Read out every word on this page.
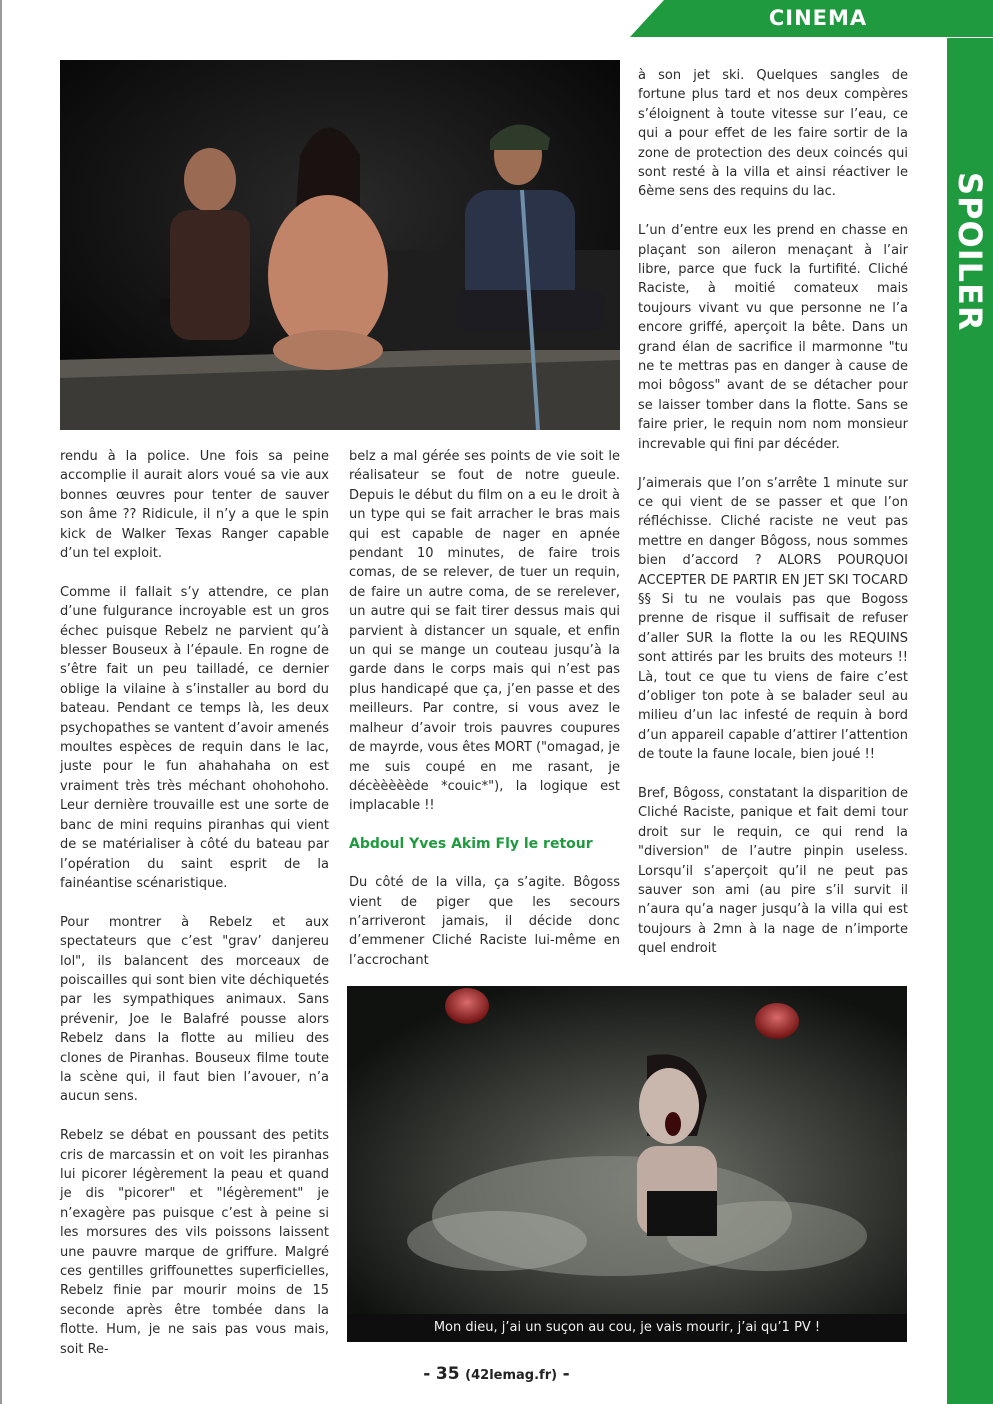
CINEMA
SPOILER

rendu à la police. Une fois sa peine accomplie il aurait alors voué sa vie aux bonnes œuvres pour tenter de sauver son âme ?? Ridicule, il n’y a que le spin kick de Walker Texas Ranger capable d’un tel exploit.

Comme il fallait s’y attendre, ce plan d’une fulgurance incroyable est un gros échec puisque Rebelz ne parvient qu’à blesser Bouseux à l’épaule. En rogne de s’être fait un peu tailladé, ce dernier oblige la vilaine à s’installer au bord du bateau. Pendant ce temps là, les deux psychopathes se vantent d’avoir amenés moultes espèces de requin dans le lac, juste pour le fun ahahahaha on est vraiment très très méchant ohohohoho. Leur dernière trouvaille est une sorte de banc de mini requins piranhas qui vient de se matérialiser à côté du bateau par l’opération du saint esprit de la fainéantise scénaristique.

Pour montrer à Rebelz et aux spectateurs que c’est "grav’ danjereu lol", ils balancent des morceaux de poiscailles qui sont bien vite déchiquetés par les sympathiques animaux. Sans prévenir, Joe le Balafré pousse alors Rebelz dans la flotte au milieu des clones de Piranhas. Bouseux filme toute la scène qui, il faut bien l’avouer, n’a aucun sens.

Rebelz se débat en poussant des petits cris de marcassin et on voit les piranhas lui picorer légèrement la peau et quand je dis "picorer" et "légèrement" je n’exagère pas puisque c’est à peine si les morsures des vils poissons laissent une pauvre marque de griffure. Malgré ces gentilles griffounettes superficielles, Rebelz finie par mourir moins de 15 seconde après être tombée dans la flotte. Hum, je ne sais pas vous mais, soit Re-

belz a mal gérée ses points de vie soit le réalisateur se fout de notre gueule. Depuis le début du film on a eu le droit à un type qui se fait arracher le bras mais qui est capable de nager en apnée pendant 10 minutes, de faire trois comas, de se relever, de tuer un requin, de faire un autre coma, de se rerelever, un autre qui se fait tirer dessus mais qui parvient à distancer un squale, et enfin un qui se mange un couteau jusqu’à la garde dans le corps mais qui n’est pas plus handicapé que ça, j’en passe et des meilleurs. Par contre, si vous avez le malheur d’avoir trois pauvres coupures de mayrde, vous êtes MORT ("omagad, je me suis coupé en me rasant, je décèèèèède *couic*"), la logique est implacable !!

Abdoul Yves Akim Fly le retour

Du côté de la villa, ça s’agite. Bôgoss vient de piger que les secours n’arriveront jamais, il décide donc d’emmener Cliché Raciste lui-même en l’accrochant

à son jet ski. Quelques sangles de fortune plus tard et nos deux compères s’éloignent à toute vitesse sur l’eau, ce qui a pour effet de les faire sortir de la zone de protection des deux coincés qui sont resté à la villa et ainsi réactiver le 6ème sens des requins du lac.

L’un d’entre eux les prend en chasse en plaçant son aileron menaçant à l’air libre, parce que fuck la furtifité. Cliché Raciste, à moitié comateux mais toujours vivant vu que personne ne l’a encore griffé, aperçoit la bête. Dans un grand élan de sacrifice il marmonne "tu ne te mettras pas en danger à cause de moi bôgoss" avant de se détacher pour se laisser tomber dans la flotte. Sans se faire prier, le requin nom nom monsieur increvable qui fini par décéder.

J’aimerais que l’on s’arrête 1 minute sur ce qui vient de se passer et que l’on réfléchisse. Cliché raciste ne veut pas mettre en danger Bôgoss, nous sommes bien d’accord ? ALORS POURQUOI ACCEPTER DE PARTIR EN JET SKI TOCARD §§ Si tu ne voulais pas que Bogoss prenne de risque il suffisait de refuser d’aller SUR la flotte la ou les REQUINS sont attirés par les bruits des moteurs !! Là, tout ce que tu viens de faire c’est d’obliger ton pote à se balader seul au milieu d’un lac infesté de requin à bord d’un appareil capable d’attirer l’attention de toute la faune locale, bien joué !!

Bref, Bôgoss, constatant la disparition de Cliché Raciste, panique et fait demi tour droit sur le requin, ce qui rend la "diversion" de l’autre pinpin useless. Lorsqu’il s’aperçoit qu’il ne peut pas sauver son ami (au pire s’il survit il n’aura qu’a nager jusqu’à la villa qui est toujours à 2mn à la nage de n’importe quel endroit

Mon dieu, j’ai un suçon au cou, je vais mourir, j’ai qu’1 PV !
- 35 (42lemag.fr) -
